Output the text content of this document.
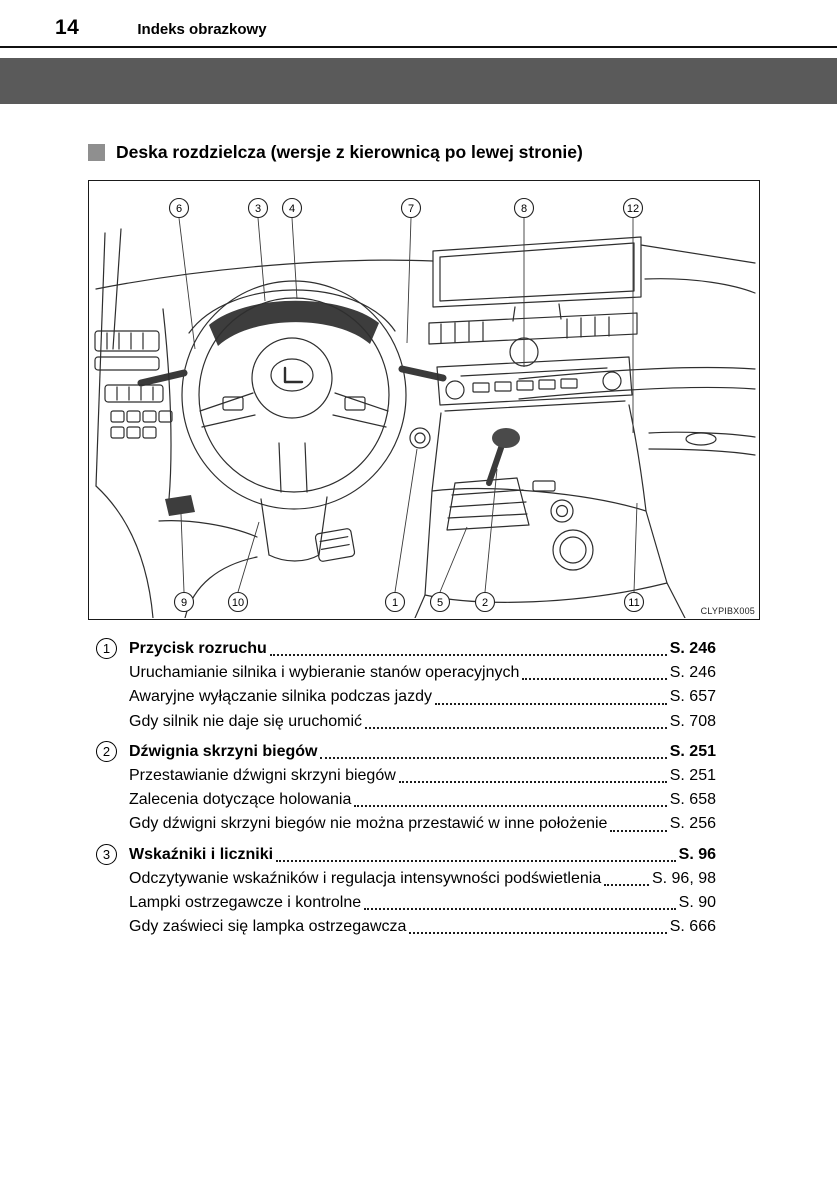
14	Indeks obrazkowy
Deska rozdzielcza (wersje z kierownicą po lewej stronie)
6	3	4	7	8	12
9	10	1	5	2	11
CLYPIBX005
1	Przycisk rozruchu	S. 246
Uruchamianie silnika i wybieranie stanów operacyjnych	S. 246
Awaryjne wyłączanie silnika podczas jazdy	S. 657
Gdy silnik nie daje się uruchomić	S. 708
2	Dźwignia skrzyni biegów	S. 251
Przestawianie dźwigni skrzyni biegów	S. 251
Zalecenia dotyczące holowania	S. 658
Gdy dźwigni skrzyni biegów nie można przestawić w inne położenie	S. 256
3	Wskaźniki i liczniki	S. 96
Odczytywanie wskaźników i regulacja intensywności podświetlenia	S. 96, 98
Lampki ostrzegawcze i kontrolne	S. 90
Gdy zaświeci się lampka ostrzegawcza	S. 666
